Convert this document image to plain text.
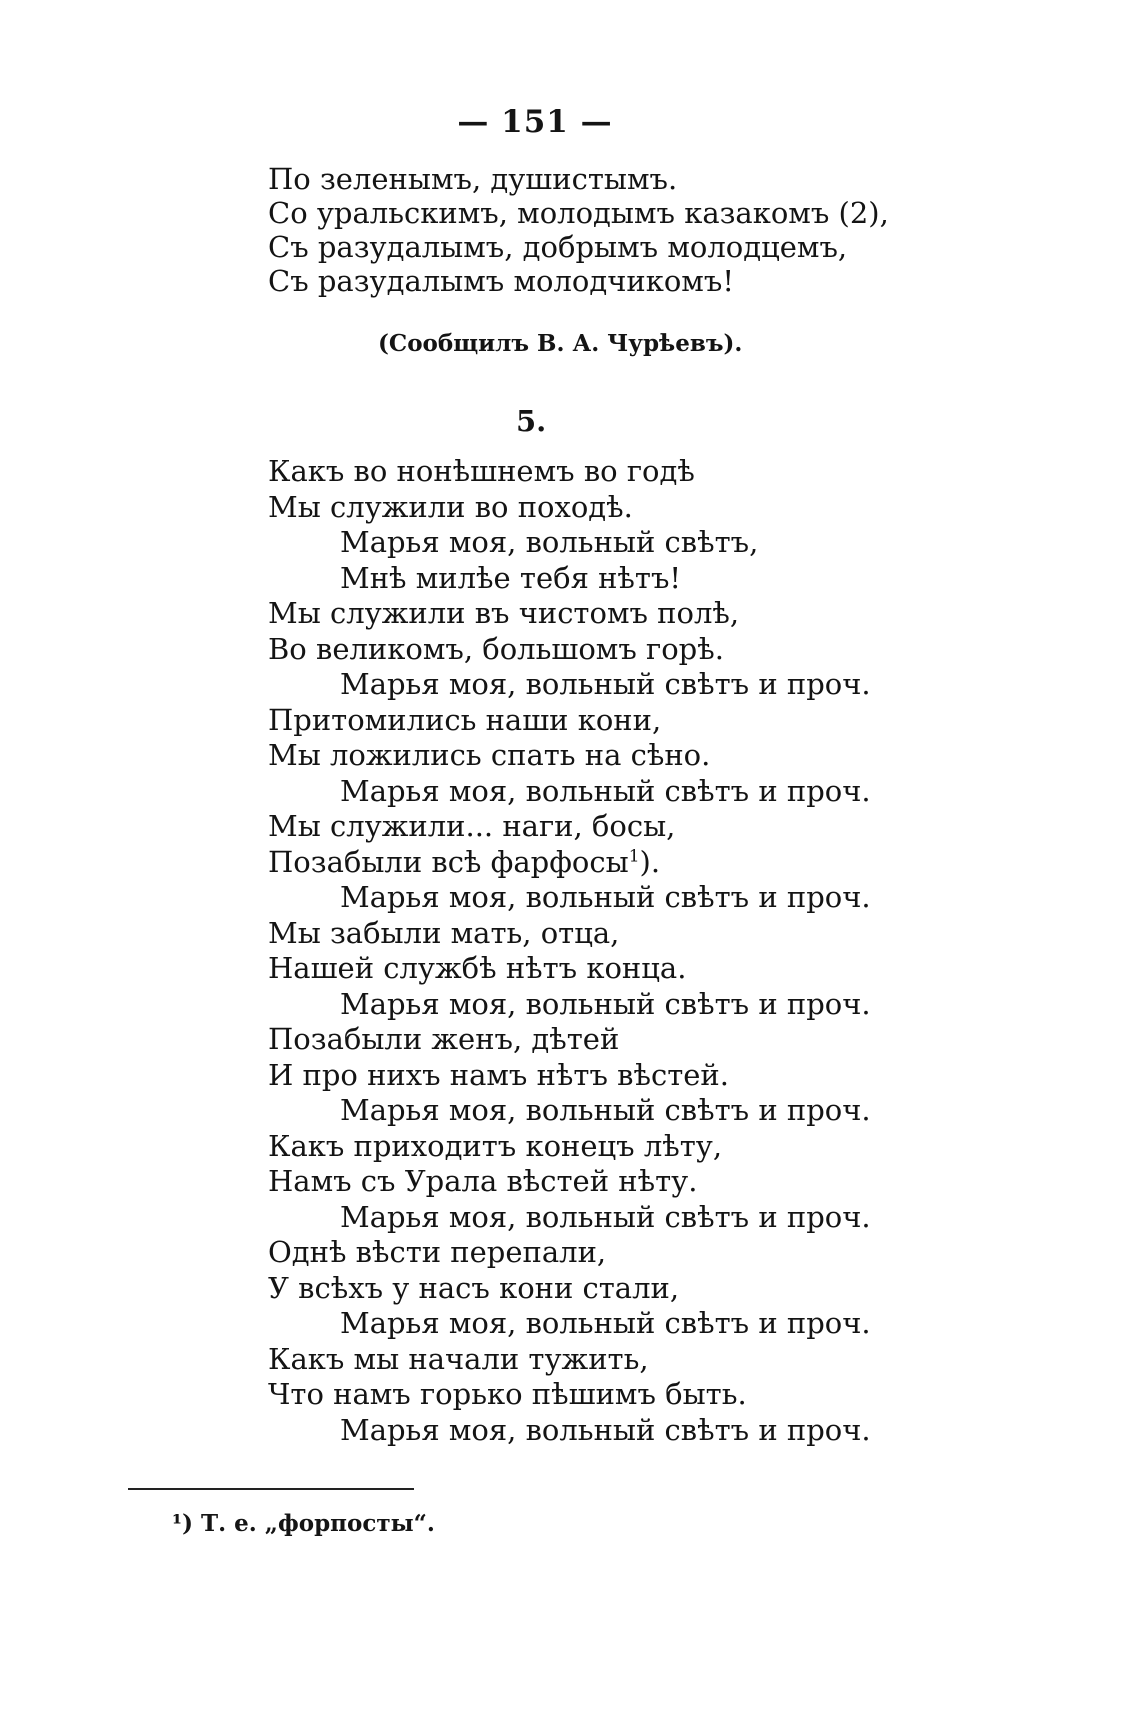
— 151 —
По зеленымъ, душистымъ.
Со уральскимъ, молодымъ казакомъ (2),
Съ разудалымъ, добрымъ молодцемъ,
Съ разудалымъ молодчикомъ!
(Сообщилъ В. А. Чурѣевъ).
5.
Какъ во нонѣшнемъ во годѣ
Мы служили во походѣ.
Марья моя, вольный свѣтъ,
Мнѣ милѣе тебя нѣтъ!
Мы служили въ чистомъ полѣ,
Во великомъ, большомъ горѣ.
Марья моя, вольный свѣтъ и проч.
Притомились наши кони,
Мы ложились спать на сѣно.
Марья моя, вольный свѣтъ и проч.
Мы служили... наги, босы,
Позабыли всѣ фарфосы$^1$).
Марья моя, вольный свѣтъ и проч.
Мы забыли мать, отца,
Нашей службѣ нѣтъ конца.
Марья моя, вольный свѣтъ и проч.
Позабыли женъ, дѣтей
И про нихъ намъ нѣтъ вѣстей.
Марья моя, вольный свѣтъ и проч.
Какъ приходитъ конецъ лѣту,
Намъ съ Урала вѣстей нѣту.
Марья моя, вольный свѣтъ и проч.
Однѣ вѣсти перепали,
У всѣхъ у насъ кони стали,
Марья моя, вольный свѣтъ и проч.
Какъ мы начали тужить,
Что намъ горько пѣшимъ быть.
Марья моя, вольный свѣтъ и проч.
¹) Т. е. „форпосты“.
